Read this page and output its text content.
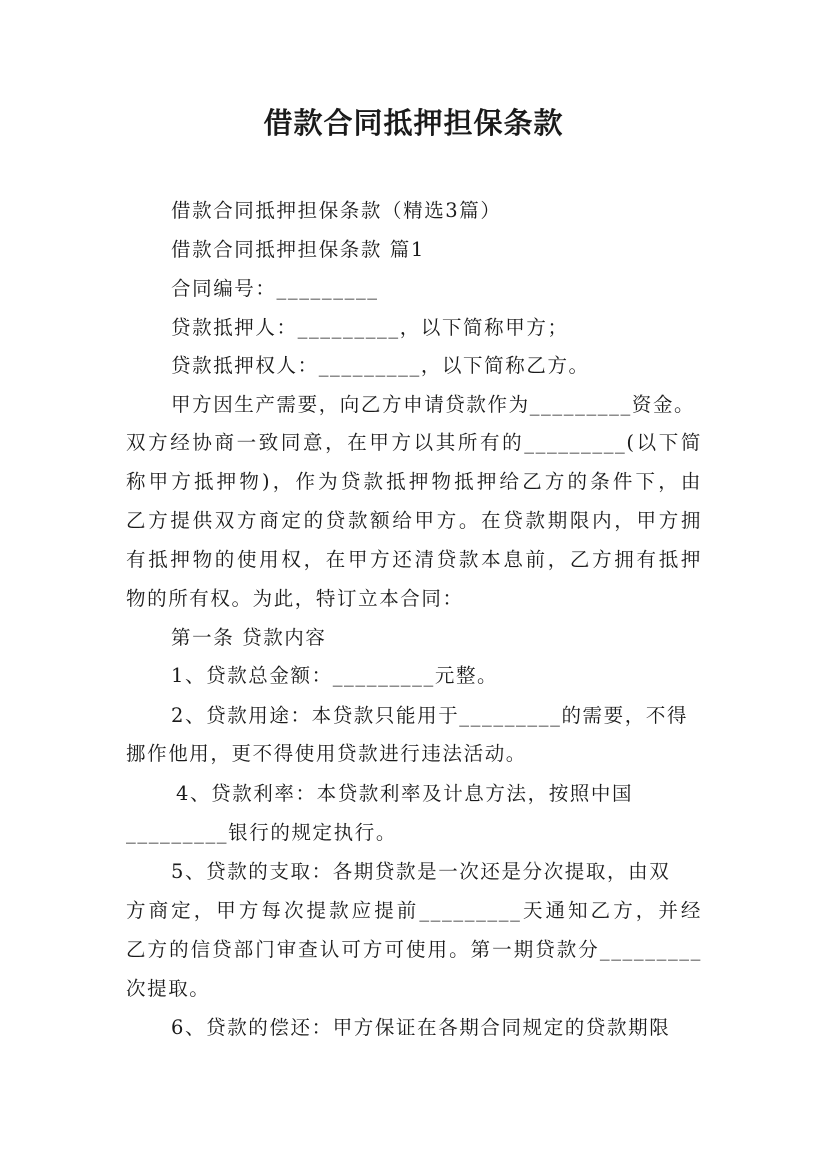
借款合同抵押担保条款
借款合同抵押担保条款（精选3篇）
借款合同抵押担保条款 篇1
合同编号：_________
贷款抵押人：_________，以下简称甲方；
贷款抵押权人：_________，以下简称乙方。
甲方因生产需要，向乙方申请贷款作为_________资金。
双方经协商一致同意，在甲方以其所有的_________(以下简
称甲方抵押物)，作为贷款抵押物抵押给乙方的条件下，由
乙方提供双方商定的贷款额给甲方。在贷款期限内，甲方拥
有抵押物的使用权，在甲方还清贷款本息前，乙方拥有抵押
物的所有权。为此，特订立本合同：
第一条 贷款内容
1、贷款总金额：_________元整。
2、贷款用途：本贷款只能用于_________的需要，不得
挪作他用，更不得使用贷款进行违法活动。
4、贷款利率：本贷款利率及计息方法，按照中国
_________银行的规定执行。
5、贷款的支取：各期贷款是一次还是分次提取，由双
方商定，甲方每次提款应提前_________天通知乙方，并经
乙方的信贷部门审查认可方可使用。第一期贷款分_________
次提取。
6、贷款的偿还：甲方保证在各期合同规定的贷款期限
